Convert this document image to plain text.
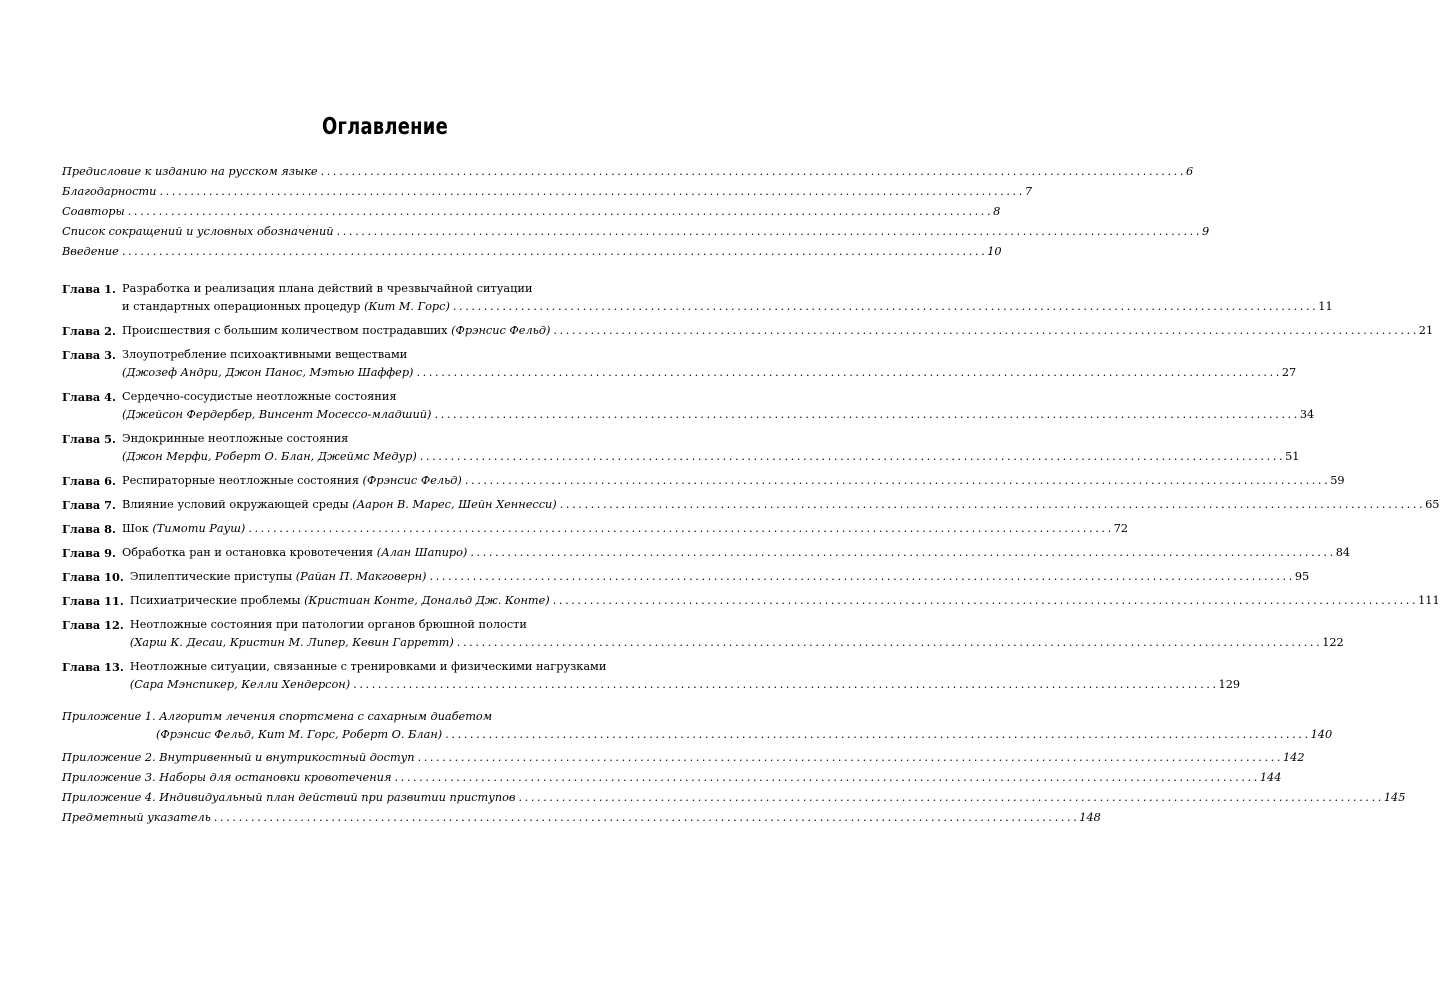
Оглавление
Предисловие к изданию на русском языке . . .	6
Благодарности . . .	7
Соавторы . . .	8
Список сокращений и условных обозначений . . .	9
Введение . . .	10
Глава 1. Разработка и реализация плана действий в чрезвычайной ситуации
и стандартных операционных процедур (Кит М. Горс) . . .	11
Глава 2. Происшествия с большим количеством пострадавших (Фрэнсис Фельд) . . .	21
Глава 3. Злоупотребление психоактивными веществами
(Джозеф Андри, Джон Панос, Мэтью Шаффер) . . .	27
Глава 4. Сердечно-сосудистые неотложные состояния
(Джейсон Фердербер, Винсент Мосессо-младший) . . .	34
Глава 5. Эндокринные неотложные состояния
(Джон Мерфи, Роберт О. Блан, Джеймс Медур) . . .	51
Глава 6. Респираторные неотложные состояния (Фрэнсис Фельд) . . .	59
Глава 7. Влияние условий окружающей среды (Аарон В. Марес, Шейн Хеннесси) . . .	65
Глава 8. Шок (Тимоти Рауш) . . .	72
Глава 9. Обработка ран и остановка кровотечения (Алан Шапиро) . . .	84
Глава 10. Эпилептические приступы (Райан П. Макговерн) . . .	95
Глава 11. Психиатрические проблемы (Кристиан Конте, Дональд Дж. Конте) . . .	111
Глава 12. Неотложные состояния при патологии органов брюшной полости
(Харш К. Десаи, Кристин М. Липер, Кевин Гарретт) . . .	122
Глава 13. Неотложные ситуации, связанные с тренировками и физическими нагрузками
(Сара Мэнспикер, Келли Хендерсон) . . .	129
Приложение 1. Алгоритм лечения спортсмена с сахарным диабетом
(Фрэнсис Фельд, Кит М. Горс, Роберт О. Блан) . . .	140
Приложение 2. Внутривенный и внутрикостный доступ . . .	142
Приложение 3. Наборы для остановки кровотечения . . .	144
Приложение 4. Индивидуальный план действий при развитии приступов . . .	145
Предметный указатель . . .	148
